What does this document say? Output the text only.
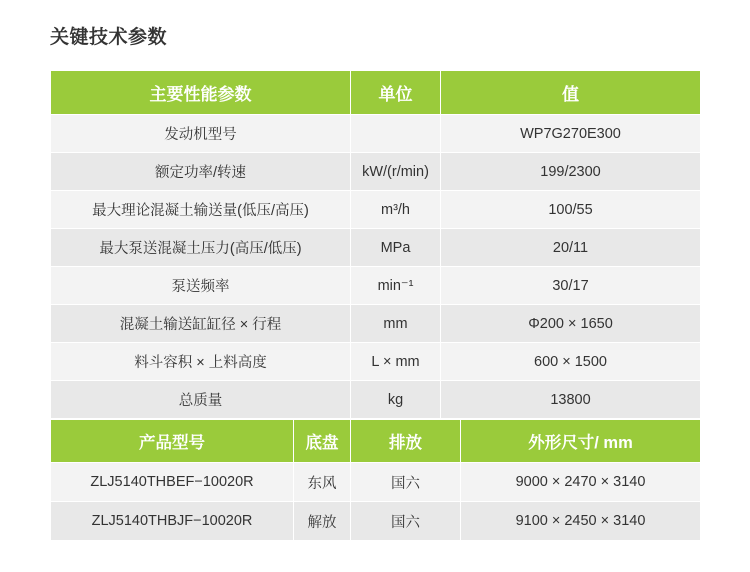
关键技术参数
主要性能参数	单位	值
发动机型号		WP7G270E300
额定功率/转速	kW/(r/min)	199/2300
最大理论混凝土输送量(低压/高压)	m³/h	100/55
最大泵送混凝土压力(高压/低压)	MPa	20/11
泵送频率	min⁻¹	30/17
混凝土输送缸缸径 × 行程	mm	Φ200 × 1650
料斗容积 × 上料高度	L × mm	600 × 1500
总质量	kg	13800
产品型号	底盘	排放	外形尺寸/ mm
ZLJ5140THBEF−10020R	东风	国六	9000 × 2470 × 3140
ZLJ5140THBJF−10020R	解放	国六	9100 × 2450 × 3140
